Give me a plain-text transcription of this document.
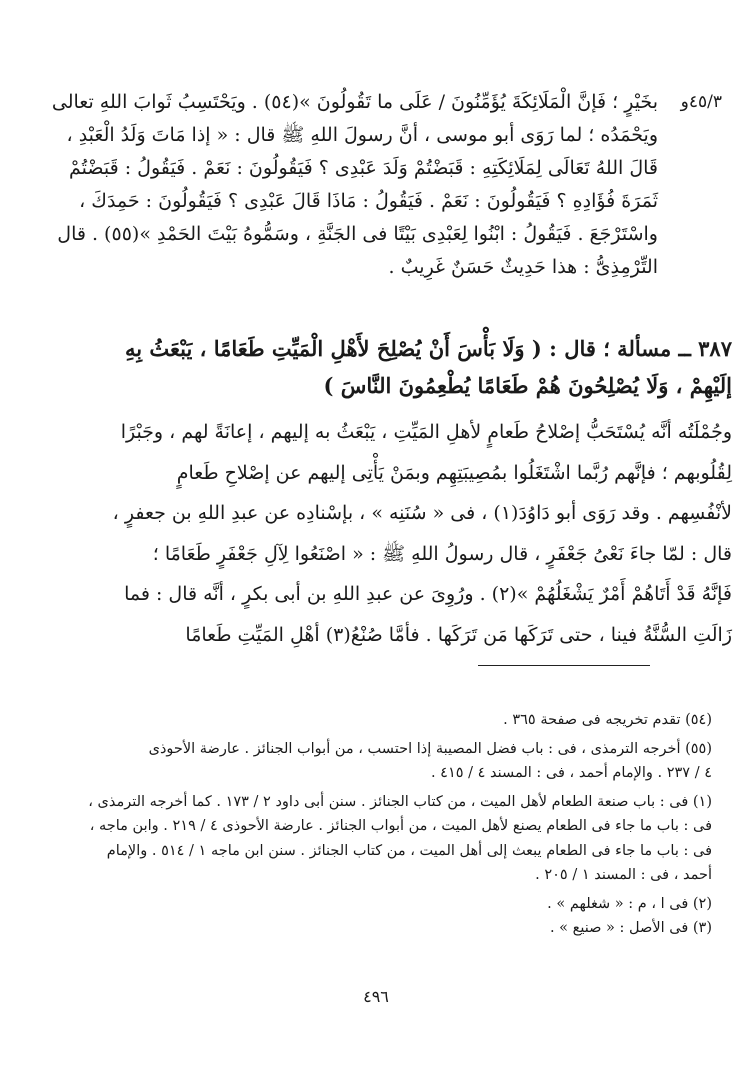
٤٥/٣و
بخَيْرٍ ؛ فَإنَّ الْمَلَائِكَةَ يُؤَمِّنُونَ / عَلَى ما تَقُولُونَ »(٥٤) . ويَحْتَسِبُ ثَوابَ اللهِ تعالى
ويَحْمَدُه ؛ لما رَوَى أبو موسى ، أنَّ رسولَ اللهِ ﷺ قال : « إذا مَاتَ وَلَدُ الْعَبْدِ ،
قَالَ اللهُ تَعَالَى لِمَلَائِكَتِهِ : قَبَضْتُمْ وَلَدَ عَبْدِى ؟ فَيَقُولُونَ : نَعَمْ . فَيَقُولُ : قَبَضْتُمْ
ثَمَرَةَ فُؤَادِهِ ؟ فَيَقُولُونَ : نَعَمْ . فَيَقُولُ : مَاذَا قَالَ عَبْدِى ؟ فَيَقُولُونَ : حَمِدَكَ ،
واسْتَرْجَعَ . فَيَقُولُ : ابْنُوا لِعَبْدِى بَيْتًا فى الجَنَّةِ ، وسَمُّوهُ بَيْتَ الحَمْدِ »(٥٥) . قال
التِّرْمِذِىُّ : هذا حَدِيثٌ حَسَنٌ غَرِيبٌ .
٣٨٧ ــ مسألة ؛ قال : ( وَلَا بَأْسَ أَنْ يُصْلِحَ لأَهْلِ الْمَيِّتِ طَعَامًا ، يَبْعَثُ بِهِ
إلَيْهِمْ ، وَلَا يُصْلِحُونَ هُمْ طَعَامًا يُطْعِمُونَ النَّاسَ )
وجُمْلَتُه أنَّه يُسْتَحَبُّ إصْلاحُ طَعامٍ لأهلِ المَيِّتِ ، يَبْعَثُ به إليهم ، إعانَةً لهم ، وجَبْرًا
لِقُلُوبهم ؛ فإنَّهم رُبَّما اشْتَغَلُوا بمُصِيبَتِهِم وبمَنْ يَأْتِى إليهم عن إصْلاحِ طَعامٍ
لأنْفُسِهم . وقد رَوَى أبو دَاوُدَ(١) ، فى « سُنَنِه » ، بإسْنادِه عن عبدِ اللهِ بن جعفرٍ ،
قال : لمّا جاءَ نَعْىُ جَعْفَرٍ ، قال رسولُ اللهِ ﷺ : « اصْنَعُوا لِآلِ جَعْفَرٍ طَعَامًا ؛
فَإنَّهُ قَدْ أَتَاهُمْ أَمْرٌ يَشْغَلُهُمْ »(٢) . ورُوِىَ عن عبدِ اللهِ بن أبى بكرٍ ، أنَّه قال : فما
زَالَتِ السُّنَّةُ فينا ، حتى تَرَكَها مَن تَرَكَها . فأمَّا صُنْعُ(٣) أهْلِ المَيِّتِ طَعامًا
(٥٤) تقدم تخريجه فى صفحة ٣٦٥ .
(٥٥) أخرجه الترمذى ، فى : باب فضل المصيبة إذا احتسب ، من أبواب الجنائز . عارضة الأحوذى
٤ / ٢٣٧ . والإمام أحمد ، فى : المسند ٤ / ٤١٥ .
(١) فى : باب صنعة الطعام لأهل الميت ، من كتاب الجنائز . سنن أبى داود ٢ / ١٧٣ . كما أخرجه الترمذى ،
فى : باب ما جاء فى الطعام يصنع لأهل الميت ، من أبواب الجنائز . عارضة الأحوذى ٤ / ٢١٩ . وابن ماجه ،
فى : باب ما جاء فى الطعام يبعث إلى أهل الميت ، من كتاب الجنائز . سنن ابن ماجه ١ / ٥١٤ . والإمام
أحمد ، فى : المسند ١ / ٢٠٥ .
(٢) فى ا ، م : « شغلهم » .
(٣) فى الأصل : « صنيع » .
٤٩٦
